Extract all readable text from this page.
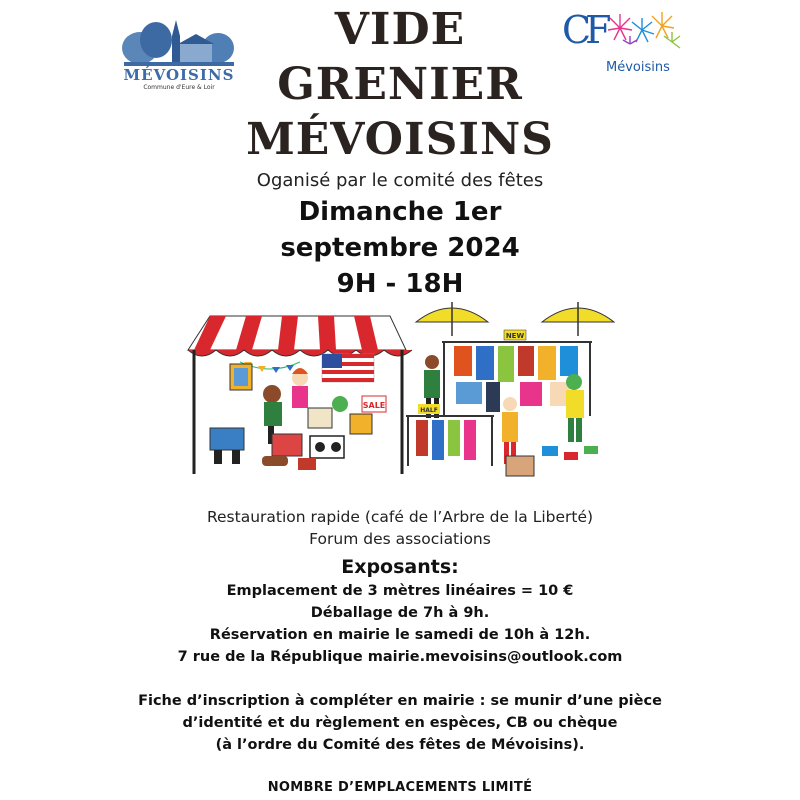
MÉVOISINS
Commune d'Eure & Loir
CF
Mévoisins
VIDE
GRENIER
MÉVOISINS
Oganisé par le comité des fêtes
Dimanche 1er
septembre 2024
9H - 18H
SALE
NEW
HALF
Restauration rapide (café de l’Arbre de la Liberté)
Forum des associations
Exposants:
Emplacement de 3 mètres linéaires = 10 €
Déballage de 7h à 9h.
Réservation en mairie le samedi de 10h à 12h.
7 rue de la République mairie.mevoisins@outlook.com
Fiche d’inscription à compléter en mairie : se munir d’une pièce
d’identité et du règlement en espèces, CB ou chèque
(à l’ordre du Comité des fêtes de Mévoisins).
NOMBRE D’EMPLACEMENTS LIMITÉ
